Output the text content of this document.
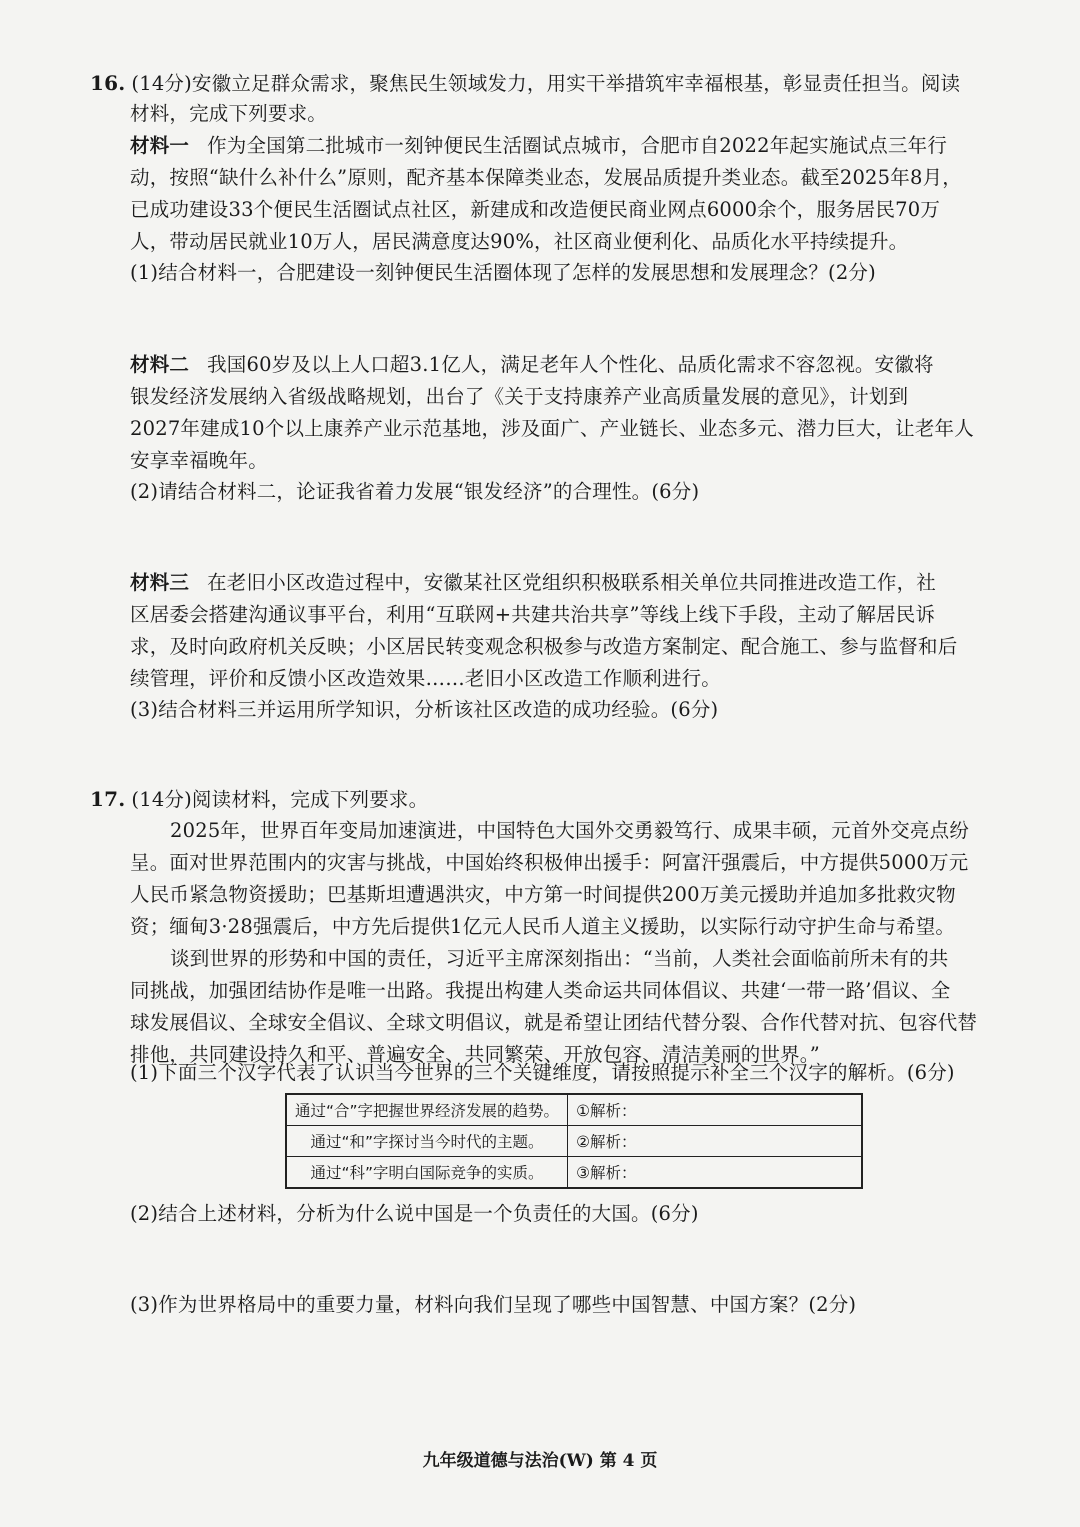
16. (14分)安徽立足群众需求，聚焦民生领域发力，用实干举措筑牢幸福根基，彰显责任担当。阅读
材料，完成下列要求。
材料一 作为全国第二批城市一刻钟便民生活圈试点城市，合肥市自2022年起实施试点三年行
动，按照“缺什么补什么”原则，配齐基本保障类业态，发展品质提升类业态。截至2025年8月，
已成功建设33个便民生活圈试点社区，新建成和改造便民商业网点6000余个，服务居民70万
人，带动居民就业10万人，居民满意度达90%，社区商业便利化、品质化水平持续提升。
(1)结合材料一，合肥建设一刻钟便民生活圈体现了怎样的发展思想和发展理念？(2分)
材料二 我国60岁及以上人口超3.1亿人，满足老年人个性化、品质化需求不容忽视。安徽将
银发经济发展纳入省级战略规划，出台了《关于支持康养产业高质量发展的意见》，计划到
2027年建成10个以上康养产业示范基地，涉及面广、产业链长、业态多元、潜力巨大，让老年人
安享幸福晚年。
(2)请结合材料二，论证我省着力发展“银发经济”的合理性。(6分)
材料三 在老旧小区改造过程中，安徽某社区党组织积极联系相关单位共同推进改造工作，社
区居委会搭建沟通议事平台，利用“互联网+共建共治共享”等线上线下手段，主动了解居民诉
求，及时向政府机关反映；小区居民转变观念积极参与改造方案制定、配合施工、参与监督和后
续管理，评价和反馈小区改造效果……老旧小区改造工作顺利进行。
(3)结合材料三并运用所学知识，分析该社区改造的成功经验。(6分)
17. (14分)阅读材料，完成下列要求。
2025年，世界百年变局加速演进，中国特色大国外交勇毅笃行、成果丰硕，元首外交亮点纷
呈。面对世界范围内的灾害与挑战，中国始终积极伸出援手：阿富汗强震后，中方提供5000万元
人民币紧急物资援助；巴基斯坦遭遇洪灾，中方第一时间提供200万美元援助并追加多批救灾物
资；缅甸3·28强震后，中方先后提供1亿元人民币人道主义援助，以实际行动守护生命与希望。
谈到世界的形势和中国的责任，习近平主席深刻指出：“当前，人类社会面临前所未有的共
同挑战，加强团结协作是唯一出路。我提出构建人类命运共同体倡议、共建‘一带一路’倡议、全
球发展倡议、全球安全倡议、全球文明倡议，就是希望让团结代替分裂、合作代替对抗、包容代替
排他，共同建设持久和平、普遍安全、共同繁荣、开放包容、清洁美丽的世界。”
(1)下面三个汉字代表了认识当今世界的三个关键维度，请按照提示补全三个汉字的解析。(6分)
通过“合”字把握世界经济发展的趋势。	①解析：
通过“和”字探讨当今时代的主题。	②解析：
通过“科”字明白国际竞争的实质。	③解析：
(2)结合上述材料，分析为什么说中国是一个负责任的大国。(6分)
(3)作为世界格局中的重要力量，材料向我们呈现了哪些中国智慧、中国方案？(2分)
九年级道德与法治(W) 第 4 页
